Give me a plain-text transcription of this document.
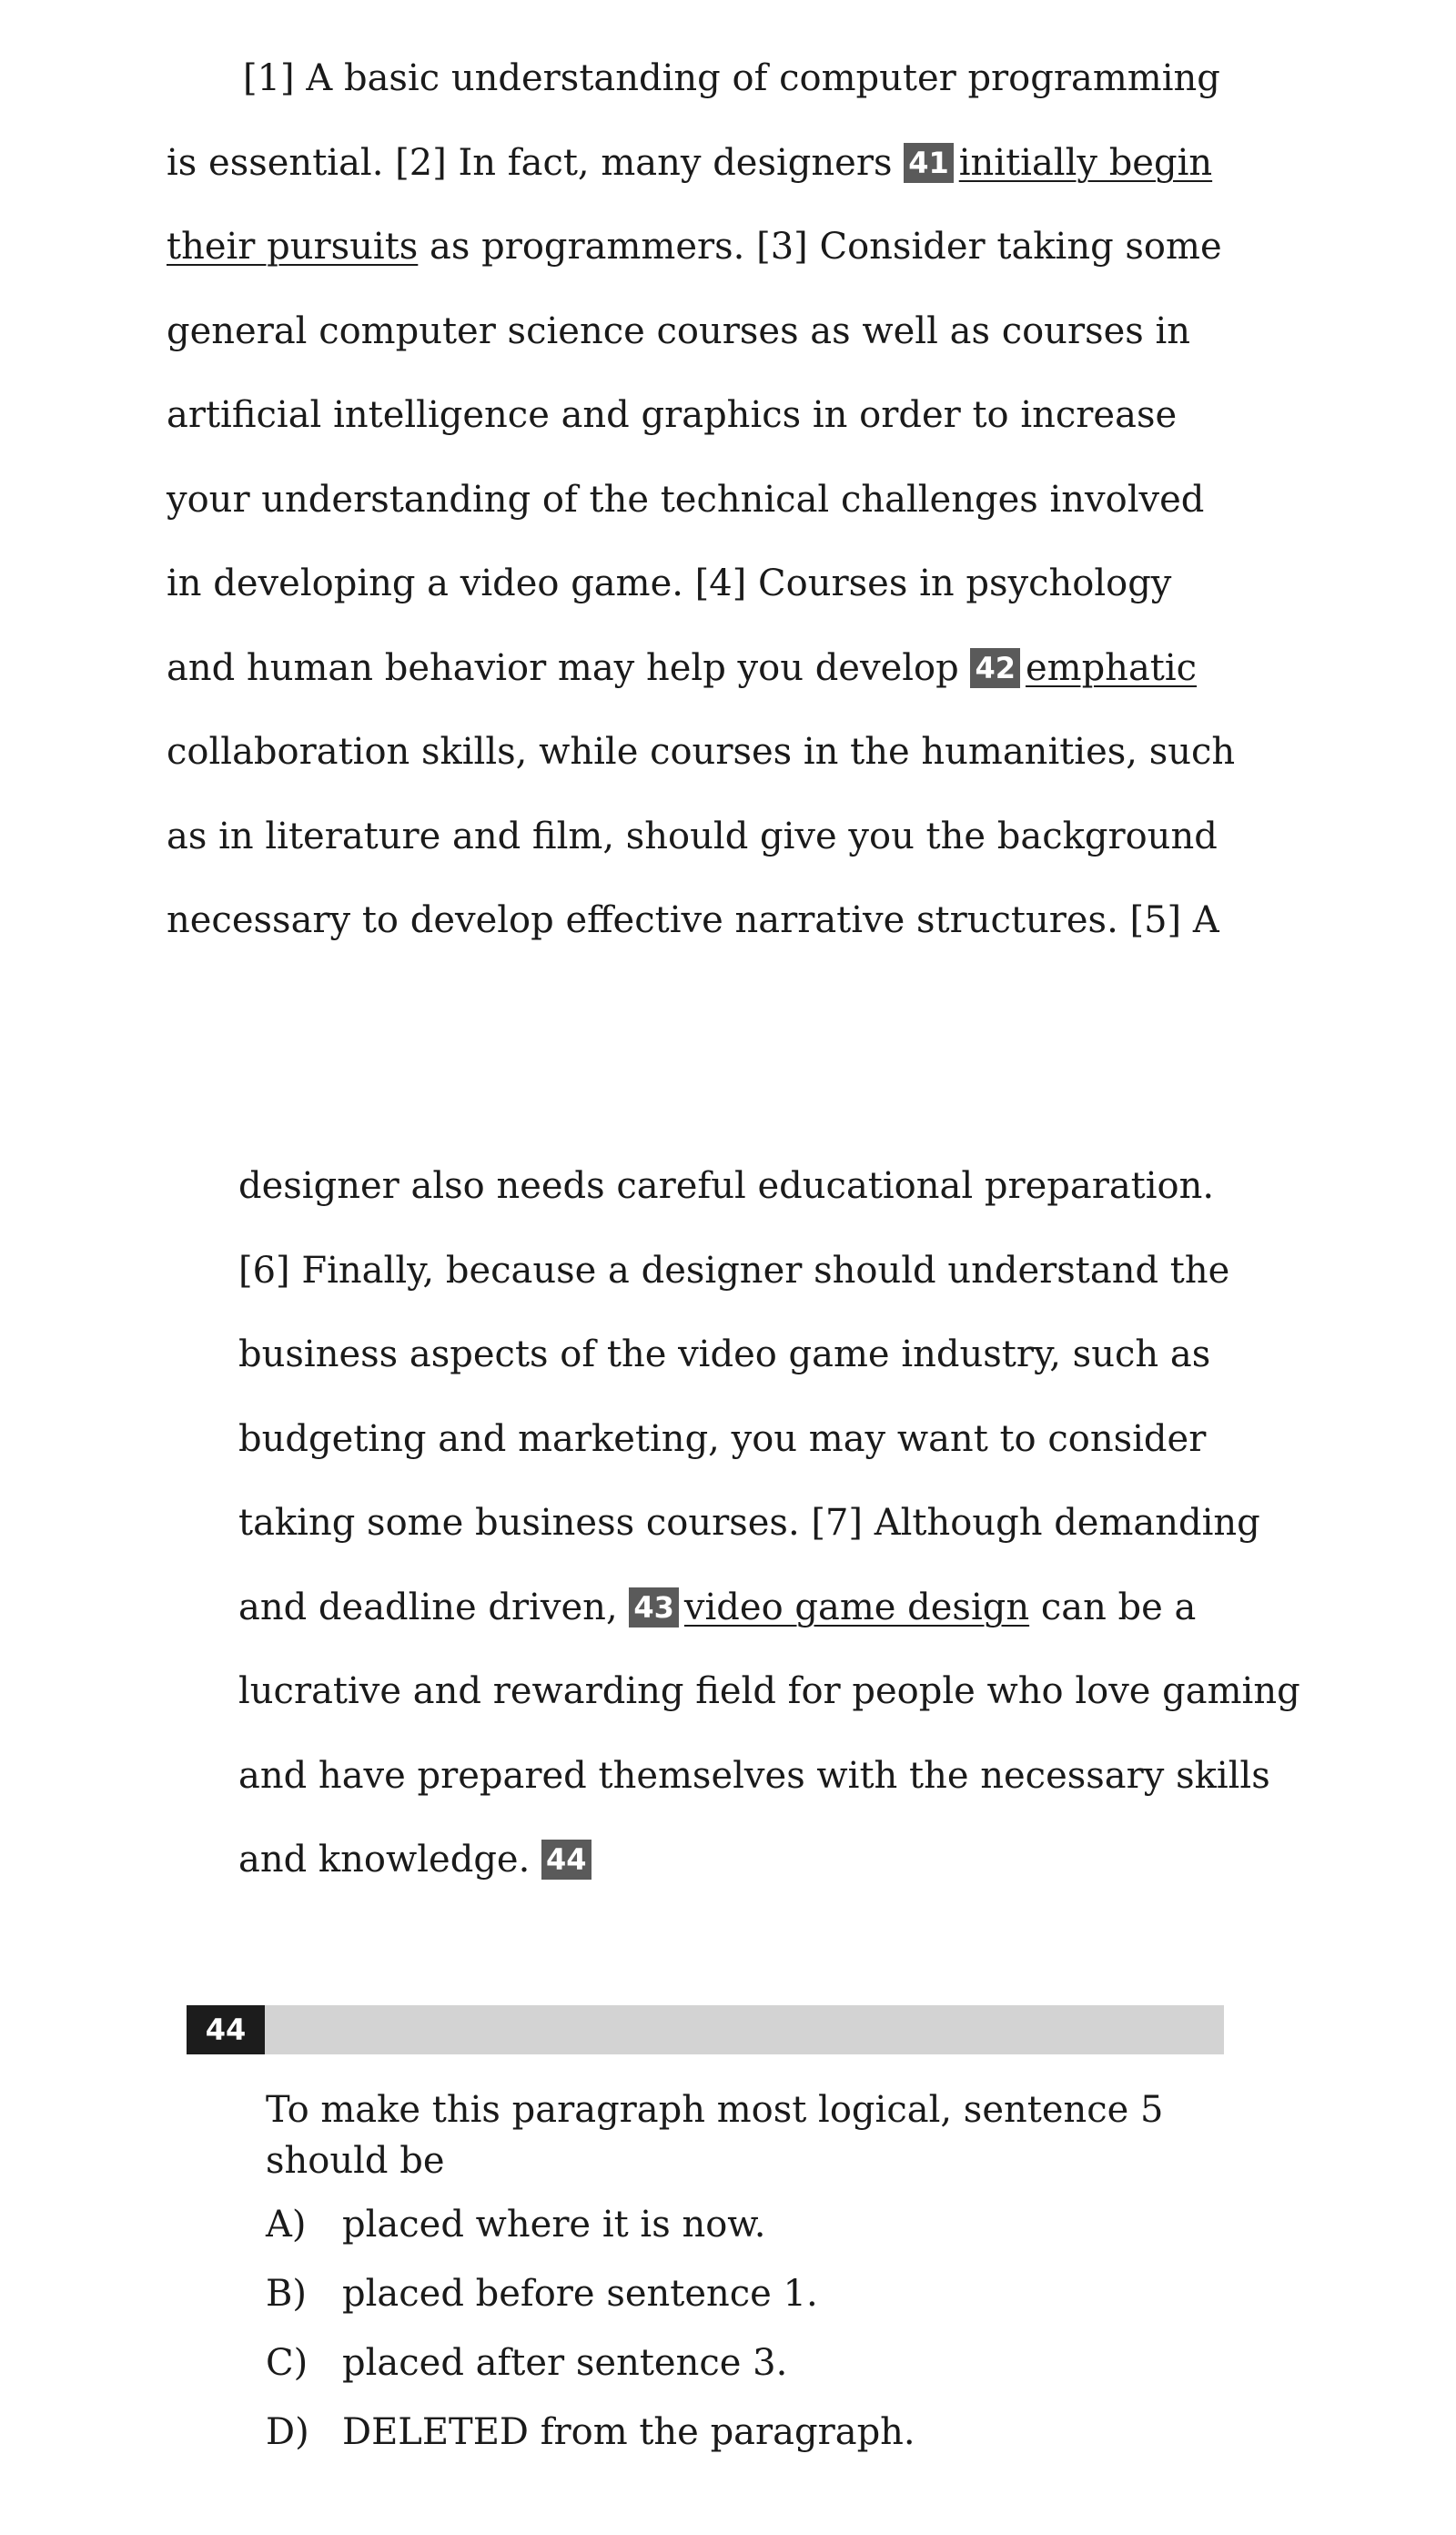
[1] A basic understanding of computer programming
is essential. [2] In fact, many designers 41 initially begin
their pursuits as programmers. [3] Consider taking some
general computer science courses as well as courses in
artificial intelligence and graphics in order to increase
your understanding of the technical challenges involved
in developing a video game. [4] Courses in psychology
and human behavior may help you develop 42 emphatic
collaboration skills, while courses in the humanities, such
as in literature and film, should give you the background
necessary to develop effective narrative structures. [5] A
designer also needs careful educational preparation.
[6] Finally, because a designer should understand the
business aspects of the video game industry, such as
budgeting and marketing, you may want to consider
taking some business courses. [7] Although demanding
and deadline driven, 43 video game design can be a
lucrative and rewarding field for people who love gaming
and have prepared themselves with the necessary skills
and knowledge. 44
44
To make this paragraph most logical, sentence 5
should be
A) placed where it is now.
B) placed before sentence 1.
C) placed after sentence 3.
D) DELETED from the paragraph.
